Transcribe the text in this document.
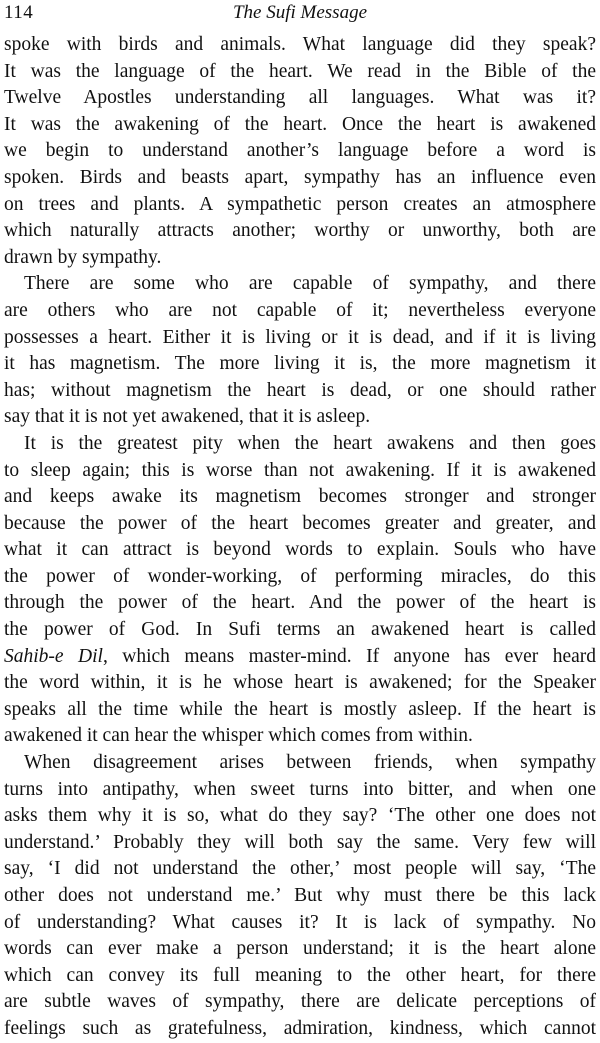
114	The Sufi Message
spoke with birds and animals. What language did they speak?
It was the language of the heart. We read in the Bible of the
Twelve Apostles understanding all languages. What was it?
It was the awakening of the heart. Once the heart is awakened
we begin to understand another’s language before a word is
spoken. Birds and beasts apart, sympathy has an influence even
on trees and plants. A sympathetic person creates an atmosphere
which naturally attracts another; worthy or unworthy, both are
drawn by sympathy.
There are some who are capable of sympathy, and there
are others who are not capable of it; nevertheless everyone
possesses a heart. Either it is living or it is dead, and if it is living
it has magnetism. The more living it is, the more magnetism it
has; without magnetism the heart is dead, or one should rather
say that it is not yet awakened, that it is asleep.
It is the greatest pity when the heart awakens and then goes
to sleep again; this is worse than not awakening. If it is awakened
and keeps awake its magnetism becomes stronger and stronger
because the power of the heart becomes greater and greater, and
what it can attract is beyond words to explain. Souls who have
the power of wonder-working, of performing miracles, do this
through the power of the heart. And the power of the heart is
the power of God. In Sufi terms an awakened heart is called
Sahib-e Dil, which means master-mind. If anyone has ever heard
the word within, it is he whose heart is awakened; for the Speaker
speaks all the time while the heart is mostly asleep. If the heart is
awakened it can hear the whisper which comes from within.
When disagreement arises between friends, when sympathy
turns into antipathy, when sweet turns into bitter, and when one
asks them why it is so, what do they say? ‘The other one does not
understand.’ Probably they will both say the same. Very few will
say, ‘I did not understand the other,’ most people will say, ‘The
other does not understand me.’ But why must there be this lack
of understanding? What causes it? It is lack of sympathy. No
words can ever make a person understand; it is the heart alone
which can convey its full meaning to the other heart, for there
are subtle waves of sympathy, there are delicate perceptions of
feelings such as gratefulness, admiration, kindness, which cannot
